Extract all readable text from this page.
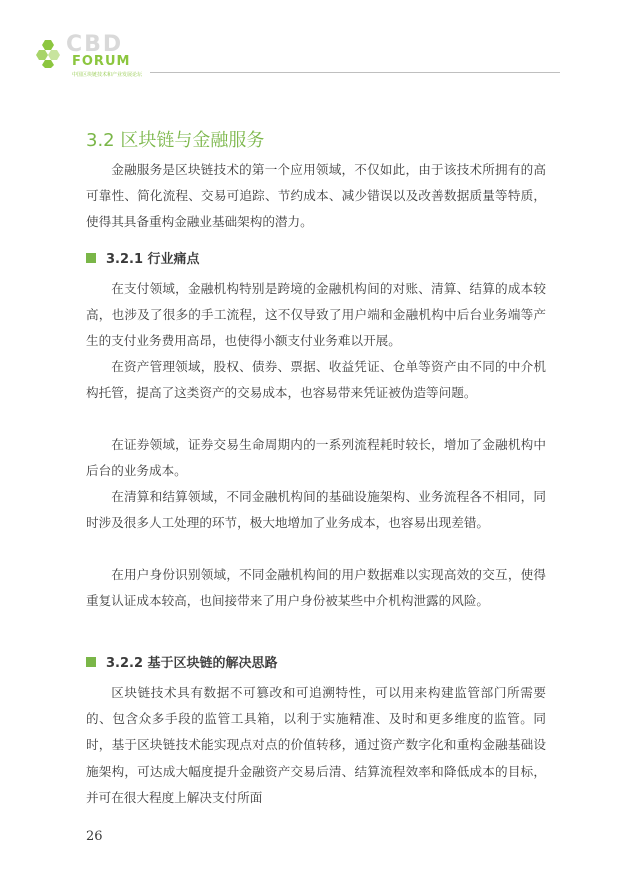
CBD
FORUM
中国区块链技术和产业发展论坛
3.2 区块链与金融服务

金融服务是区块链技术的第一个应用领域，不仅如此，由于该技术所拥有的高可靠性、简化流程、交易可追踪、节约成本、减少错误以及改善数据质量等特质，使得其具备重构金融业基础架构的潜力。

3.2.1 行业痛点

在支付领域，金融机构特别是跨境的金融机构间的对账、清算、结算的成本较高，也涉及了很多的手工流程，这不仅导致了用户端和金融机构中后台业务端等产生的支付业务费用高昂，也使得小额支付业务难以开展。

在资产管理领域，股权、债券、票据、收益凭证、仓单等资产由不同的中介机构托管，提高了这类资产的交易成本，也容易带来凭证被伪造等问题。

在证券领域，证券交易生命周期内的一系列流程耗时较长，增加了金融机构中后台的业务成本。

在清算和结算领域，不同金融机构间的基础设施架构、业务流程各不相同，同时涉及很多人工处理的环节，极大地增加了业务成本，也容易出现差错。

在用户身份识别领域，不同金融机构间的用户数据难以实现高效的交互，使得重复认证成本较高，也间接带来了用户身份被某些中介机构泄露的风险。

3.2.2 基于区块链的解决思路

区块链技术具有数据不可篡改和可追溯特性，可以用来构建监管部门所需要的、包含众多手段的监管工具箱，以利于实施精准、及时和更多维度的监管。同时，基于区块链技术能实现点对点的价值转移，通过资产数字化和重构金融基础设施架构，可达成大幅度提升金融资产交易后清、结算流程效率和降低成本的目标，并可在很大程度上解决支付所面

26
